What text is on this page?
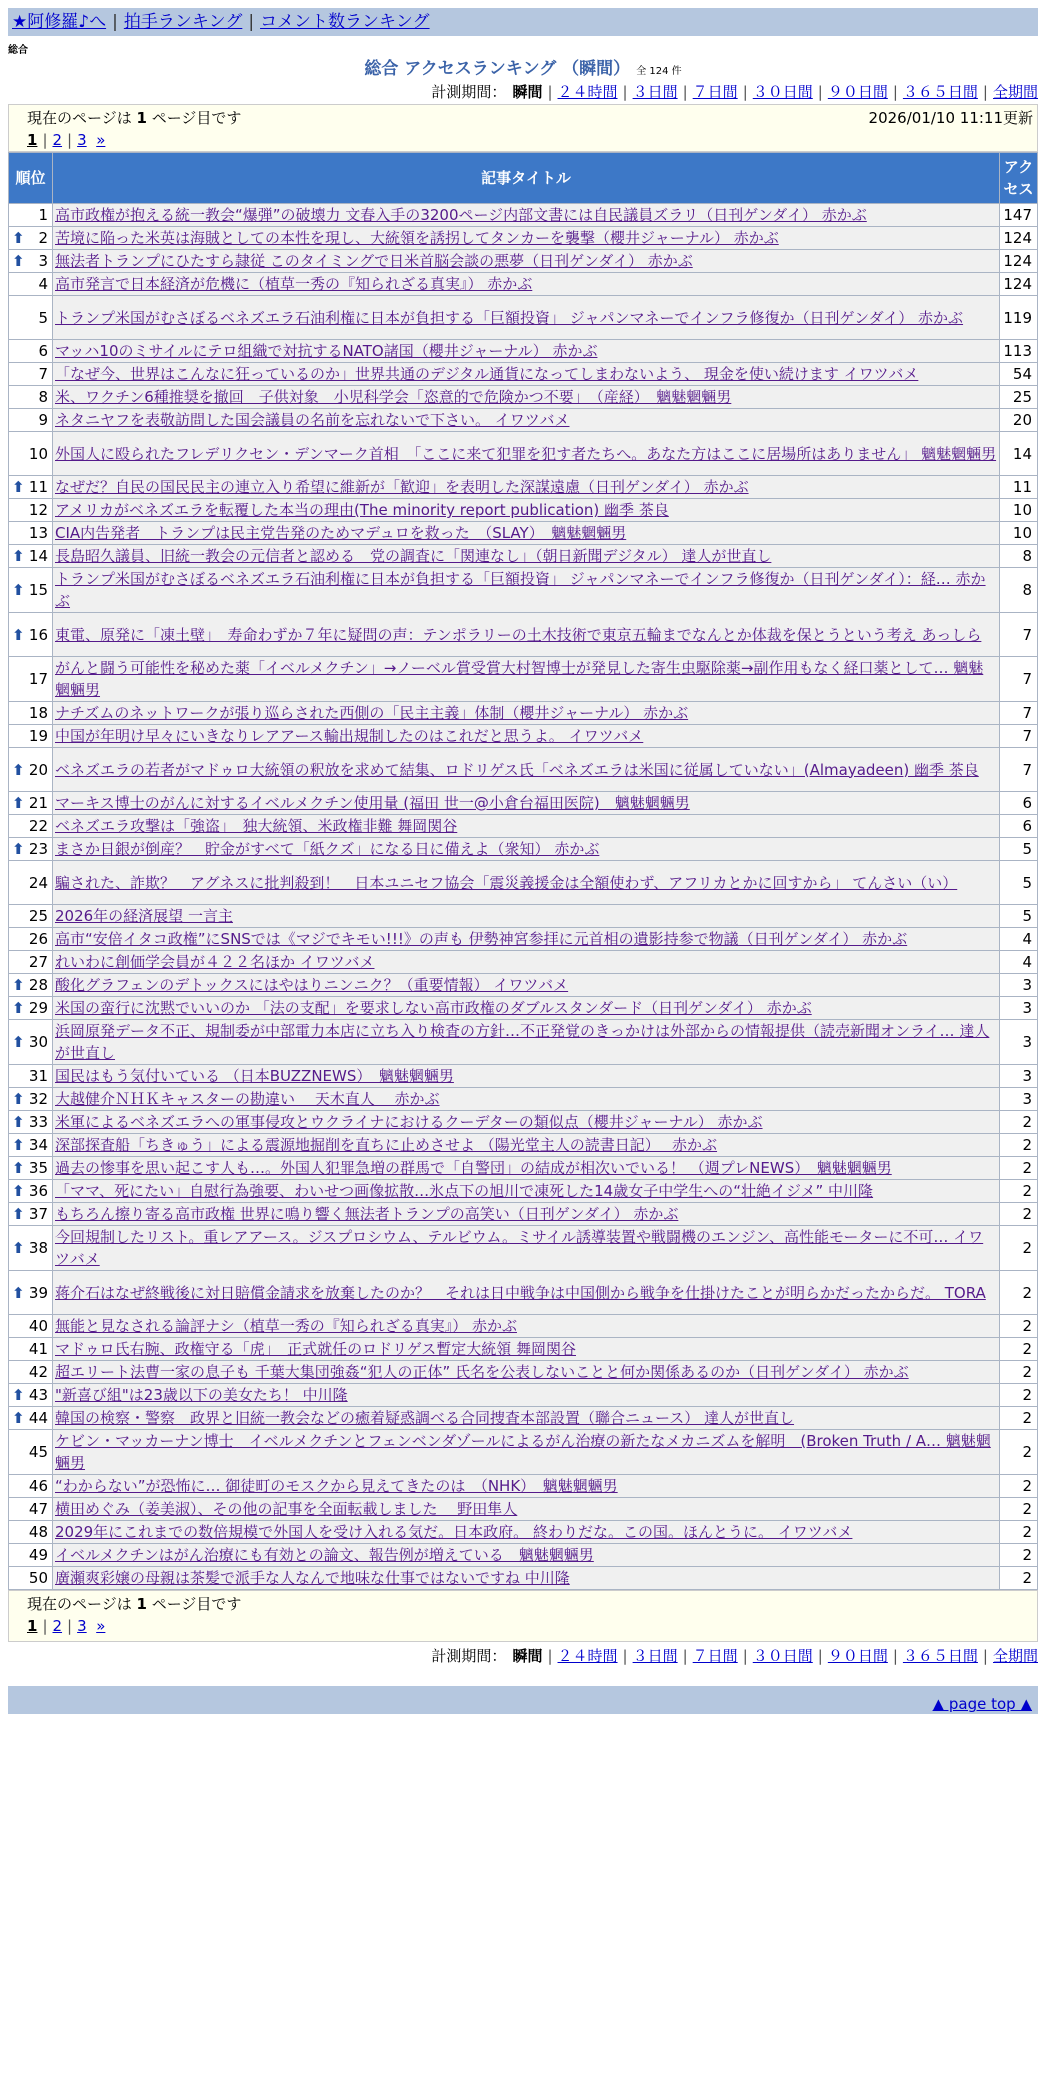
★阿修羅♪へ | 拍手ランキング | コメント数ランキング
総合
総合 アクセスランキング （瞬間） 全 124 件
計測期間： 瞬間 | ２４時間 | ３日間 | ７日間 | ３０日間 | ９０日間 | ３６５日間 | 全期間
現在のページは 1 ページ目です	2026/01/10 11:11更新
1 | 2 | 3 »
順位	記事タイトル	アクセス
1	高市政権が抱える統一教会“爆弾”の破壊力 文春入手の3200ページ内部文書には自民議員ズラリ（日刊ゲンダイ） 赤かぶ	147

⬆ 2	苦境に陥った米英は海賊としての本性を現し、大統領を誘拐してタンカーを襲撃（櫻井ジャーナル） 赤かぶ	124

⬆ 3	無法者トランプにひたすら隷従 このタイミングで日米首脳会談の悪夢（日刊ゲンダイ） 赤かぶ	124
4	高市発言で日本経済が危機に（植草一秀の『知られざる真実』） 赤かぶ	124
5	トランプ米国がむさぼるベネズエラ石油利権に日本が負担する「巨額投資」 ジャパンマネーでインフラ修復か（日刊ゲンダイ） 赤かぶ	119
6	マッハ10のミサイルにテロ組織で対抗するNATO諸国（櫻井ジャーナル） 赤かぶ	113
7	「なぜ今、世界はこんなに狂っているのか」世界共通のデジタル通貨になってしまわないよう、 現金を使い続けます イワツバメ	54
8	米、ワクチン6種推奨を撤回　子供対象　小児科学会「恣意的で危険かつ不要」　（産経）　魑魅魍魎男	25
9	ネタニヤフを表敬訪問した国会議員の名前を忘れないで下さい。 イワツバメ	20
10	外国人に殴られたフレデリクセン・デンマーク首相　「ここに来て犯罪を犯す者たちへ。あなた方はここに居場所はありません」 魑魅魍魎男	14

⬆ 11	なぜだ？自民の国民民主の連立入り希望に維新が「歓迎」を表明した深謀遠慮（日刊ゲンダイ） 赤かぶ	11
12	アメリカがベネズエラを転覆した本当の理由(The minority report publication) 幽季 茶良	10
13	CIA内告発者　トランプは民主党告発のためマデュロを救った　（SLAY）　魑魅魍魎男	10

⬆ 14	長島昭久議員、旧統一教会の元信者と認める　党の調査に「関連なし」（朝日新聞デジタル） 達人が世直し	8

⬆ 15	トランプ米国がむさぼるベネズエラ石油利権に日本が負担する「巨額投資」 ジャパンマネーでインフラ修復か（日刊ゲンダイ）：経… 赤かぶ	8

⬆ 16	東電、原発に「凍土壁」　寿命わずか７年に疑問の声：テンポラリーの土木技術で東京五輪までなんとか体裁を保とうという考え あっしら	7
17	がんと闘う可能性を秘めた薬「イベルメクチン」→ノーベル賞受賞大村智博士が発見した寄生虫駆除薬→副作用もなく経口薬として… 魑魅魍魎男	7
18	ナチズムのネットワークが張り巡らされた西側の「民主主義」体制（櫻井ジャーナル） 赤かぶ	7
19	中国が年明け早々にいきなりレアアース輸出規制したのはこれだと思うよ。 イワツバメ	7

⬆ 20	ベネズエラの若者がマドゥロ大統領の釈放を求めて結集、ロドリゲス氏「ベネズエラは米国に従属していない」(Almayadeen) 幽季 茶良	7

⬆ 21	マーキス博士のがんに対するイベルメクチン使用量 (福田 世一@小倉台福田医院)　魑魅魍魎男	6
22	ベネズエラ攻撃は「強盗」　独大統領、米政権非難 舞岡関谷	6

⬆ 23	まさか日銀が倒産？　貯金がすべて「紙クズ」になる日に備えよ（衆知） 赤かぶ	5
24	騙された、詐欺？　アグネスに批判殺到！　日本ユニセフ協会「震災義援金は全額使わず、アフリカとかに回すから」 てんさい（い）	5
25	2026年の経済展望 一言主	5
26	高市“安倍イタコ政権”にSNSでは《マジでキモい!!!》の声も 伊勢神宮参拝に元首相の遺影持参で物議（日刊ゲンダイ） 赤かぶ	4
27	れいわに創価学会員が４２２名ほか イワツバメ	4

⬆ 28	酸化グラフェンのデトックスにはやはりニンニク？（重要情報） イワツバメ	3

⬆ 29	米国の蛮行に沈黙でいいのか 「法の支配」を要求しない高市政権のダブルスタンダード（日刊ゲンダイ） 赤かぶ	3

⬆ 30	浜岡原発データ不正、規制委が中部電力本店に立ち入り検査の方針…不正発覚のきっかけは外部からの情報提供（読売新聞オンライ… 達人が世直し	3
31	国民はもう気付いている （日本BUZZNEWS）　魑魅魍魎男	3

⬆ 32	大越健介ＮＨＫキャスターの勘違い　 天木直人　 赤かぶ	3

⬆ 33	米軍によるベネズエラへの軍事侵攻とウクライナにおけるクーデターの類似点（櫻井ジャーナル） 赤かぶ	2

⬆ 34	深部探査船「ちきゅう」による震源地掘削を直ちに止めさせよ （陽光堂主人の読書日記）　 赤かぶ	2

⬆ 35	過去の惨事を思い起こす人も…。外国人犯罪急増の群馬で「自警団」の結成が相次いでいる！ （週プレNEWS）　魑魅魍魎男	2

⬆ 36	「ママ、死にたい」自慰行為強要、わいせつ画像拡散…氷点下の旭川で凍死した14歳女子中学生への“壮絶イジメ” 中川隆	2

⬆ 37	もちろん擦り寄る高市政権 世界に鳴り響く無法者トランプの高笑い（日刊ゲンダイ） 赤かぶ	2

⬆ 38	今回規制したリスト。重レアアース。ジスプロシウム、テルビウム。ミサイル誘導装置や戦闘機のエンジン、高性能モーターに不可… イワツバメ	2

⬆ 39	蒋介石はなぜ終戦後に対日賠償金請求を放棄したのか？　それは日中戦争は中国側から戦争を仕掛けたことが明らかだったからだ。 TORA	2
40	無能と見なされる論評ナシ（植草一秀の『知られざる真実』） 赤かぶ	2
41	マドゥロ氏右腕、政権守る「虎」　正式就任のロドリゲス暫定大統領 舞岡関谷	2
42	超エリート法曹一家の息子も 千葉大集団強姦“犯人の正体” 氏名を公表しないことと何か関係あるのか（日刊ゲンダイ） 赤かぶ	2

⬆ 43	"新喜び組"は23歳以下の美女たち！ 中川隆	2

⬆ 44	韓国の検察・警察　政界と旧統一教会などの癒着疑惑調べる合同捜査本部設置（聯合ニュース） 達人が世直し	2
45	ケビン・マッカーナン博士　イベルメクチンとフェンベンダゾールによるがん治療の新たなメカニズムを解明　(Broken Truth / A… 魑魅魍魎男	2
46	“わからない”が恐怖に… 御徒町のモスクから見えてきたのは　（NHK）　魑魅魍魎男	2
47	横田めぐみ（姜美淑）、その他の記事を全面転載しました　 野田隼人	2
48	2029年にこれまでの数倍規模で外国人を受け入れる気だ。日本政府。 終わりだな。この国。ほんとうに。 イワツバメ	2
49	イベルメクチンはがん治療にも有効との論文、報告例が増えている　魑魅魍魎男	2
50	廣瀬爽彩嬢の母親は茶髪で派手な人なんで地味な仕事ではないですね 中川隆	2
現在のページは 1 ページ目です
1 | 2 | 3 »
計測期間： 瞬間 | ２４時間 | ３日間 | ７日間 | ３０日間 | ９０日間 | ３６５日間 | 全期間
▲ page top ▲
